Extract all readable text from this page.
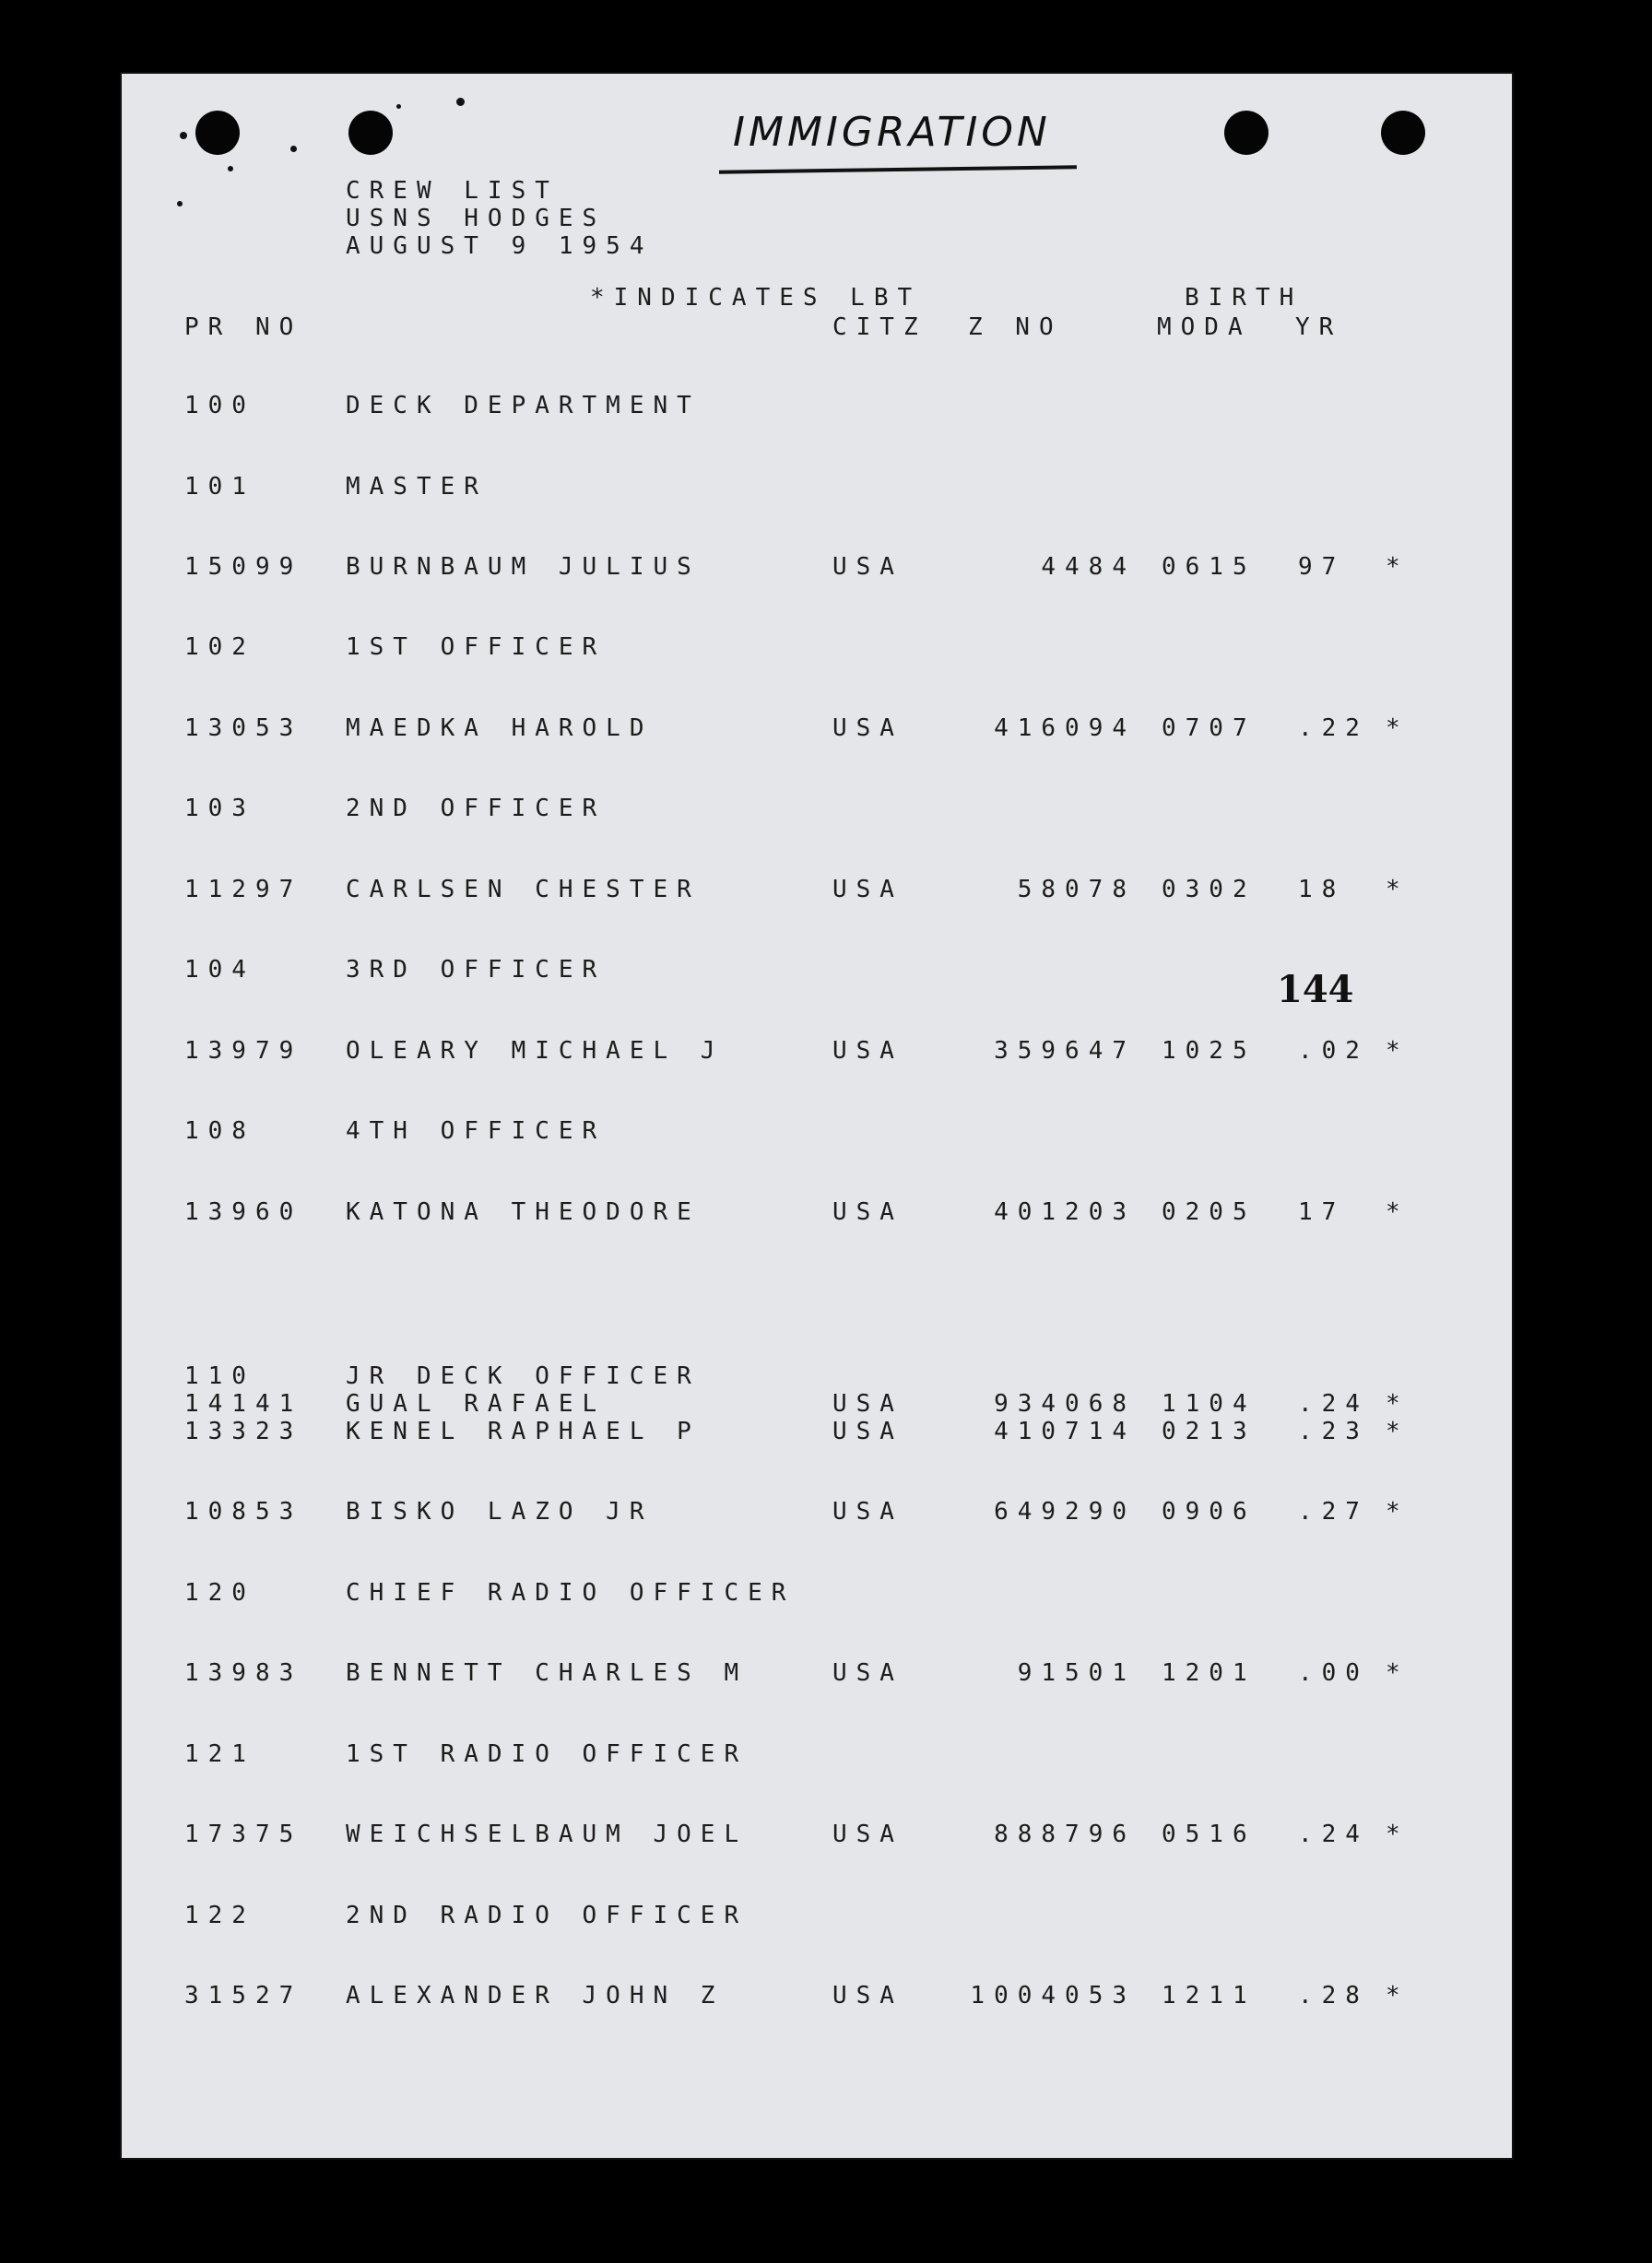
IMMIGRATION
CREW LIST
USNS HODGES
AUGUST 9 1954
*INDICATES LBT	BIRTH
PR NO	CITZ Z NO	MODA YR
144
100	DECK DEPARTMENT
101	MASTER
15099 BURNBAUM JULIUS	USA	4484 0615 97 *
102	1ST OFFICER
13053 MAEDKA HAROLD	USA	416094 0707 .22 *
103	2ND OFFICER
11297 CARLSEN CHESTER	USA	58078 0302 18 *
104	3RD OFFICER
13979 OLEARY MICHAEL J	USA	359647 1025 .02 *
108	4TH OFFICER
13960 KATONA THEODORE	USA	401203 0205 17 *
110	JR DECK OFFICER
14141 GUAL RAFAEL	USA	934068 1104 .24 *
13323 KENEL RAPHAEL P	USA	410714 0213 .23 *
10853 BISKO LAZO JR	USA	649290 0906 .27 *
120	CHIEF RADIO OFFICER
13983 BENNETT CHARLES M	USA	91501 1201 .00 *
121	1ST RADIO OFFICER
17375 WEICHSELBAUM JOEL	USA	888796 0516 .24 *
122	2ND RADIO OFFICER
31527 ALEXANDER JOHN Z	USA	1004053 1211 .28 *
